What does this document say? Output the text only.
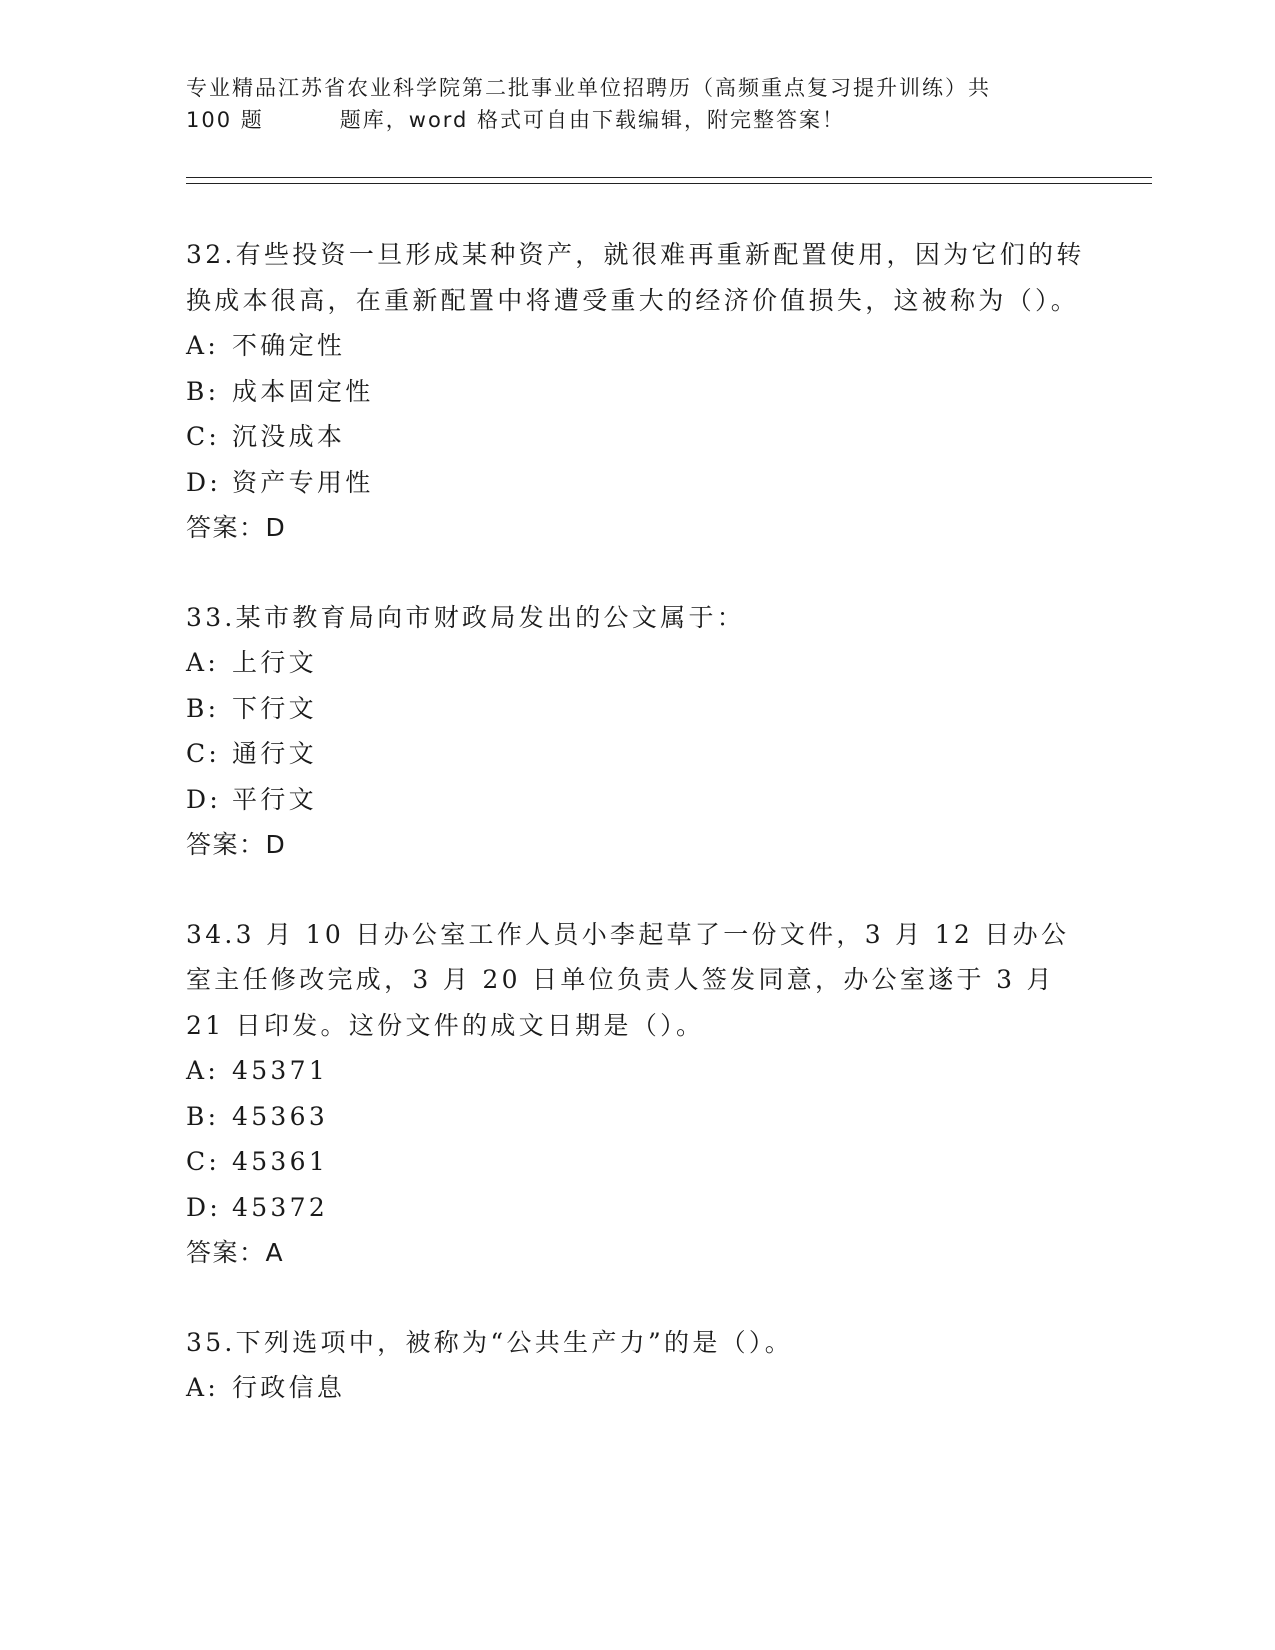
专业精品江苏省农业科学院第二批事业单位招聘历（高频重点复习提升训练）共
100 题	题库，word 格式可自由下载编辑，附完整答案！

32.有些投资一旦形成某种资产，就很难再重新配置使用，因为它们的转换成本很高，在重新配置中将遭受重大的经济价值损失，这被称为（）。

A: 不确定性

B: 成本固定性

C: 沉没成本

D: 资产专用性

答案：D

33.某市教育局向市财政局发出的公文属于：

A: 上行文

B: 下行文

C: 通行文

D: 平行文

答案：D

34.3 月 10 日办公室工作人员小李起草了一份文件，3 月 12 日办公室主任修改完成，3 月 20 日单位负责人签发同意，办公室遂于 3 月 21 日印发。这份文件的成文日期是（）。

A: 45371

B: 45363

C: 45361

D: 45372

答案：A

35.下列选项中，被称为“公共生产力”的是（）。

A: 行政信息
